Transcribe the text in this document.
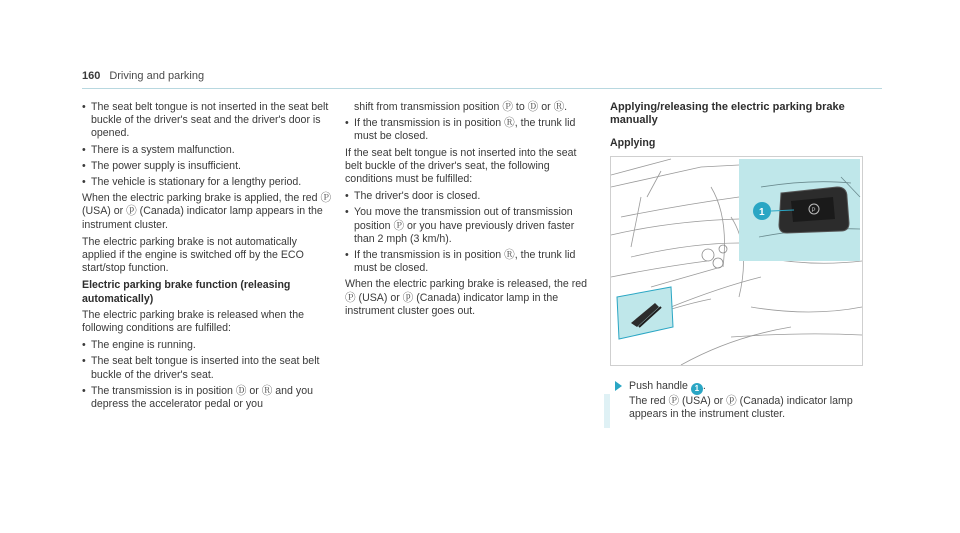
160 Driving and parking
• The seat belt tongue is not inserted in the seat belt buckle of the driver's seat and the driver's door is opened.
• There is a system malfunction.
• The power supply is insufficient.
• The vehicle is stationary for a lengthy period.

When the electric parking brake is applied, the red Ⓟ (USA) or ⓟ (Canada) indicator lamp appears in the instrument cluster.

The electric parking brake is not automatically applied if the engine is switched off by the ECO start/stop function.

Electric parking brake function (releasing automatically)

The electric parking brake is released when the following conditions are fulfilled:

• The engine is running.
• The seat belt tongue is inserted into the seat belt buckle of the driver's seat.
• The transmission is in position Ⓓ or Ⓡ and you depress the accelerator pedal or you

shift from transmission position Ⓟ to Ⓓ or Ⓡ.

• If the transmission is in position Ⓡ, the trunk lid must be closed.

If the seat belt tongue is not inserted into the seat belt buckle of the driver's seat, the following conditions must be fulfilled:

• The driver's door is closed.
• You move the transmission out of transmission position Ⓟ or you have previously driven faster than 2 mph (3 km/h).
• If the transmission is in position Ⓡ, the trunk lid must be closed.

When the electric parking brake is released, the red Ⓟ (USA) or ⓟ (Canada) indicator lamp in the instrument cluster goes out.

Applying/releasing the electric parking brake manually
Applying
P
1

Push handle 1 .

The red Ⓟ (USA) or ⓟ (Canada) indicator lamp appears in the instrument cluster.
